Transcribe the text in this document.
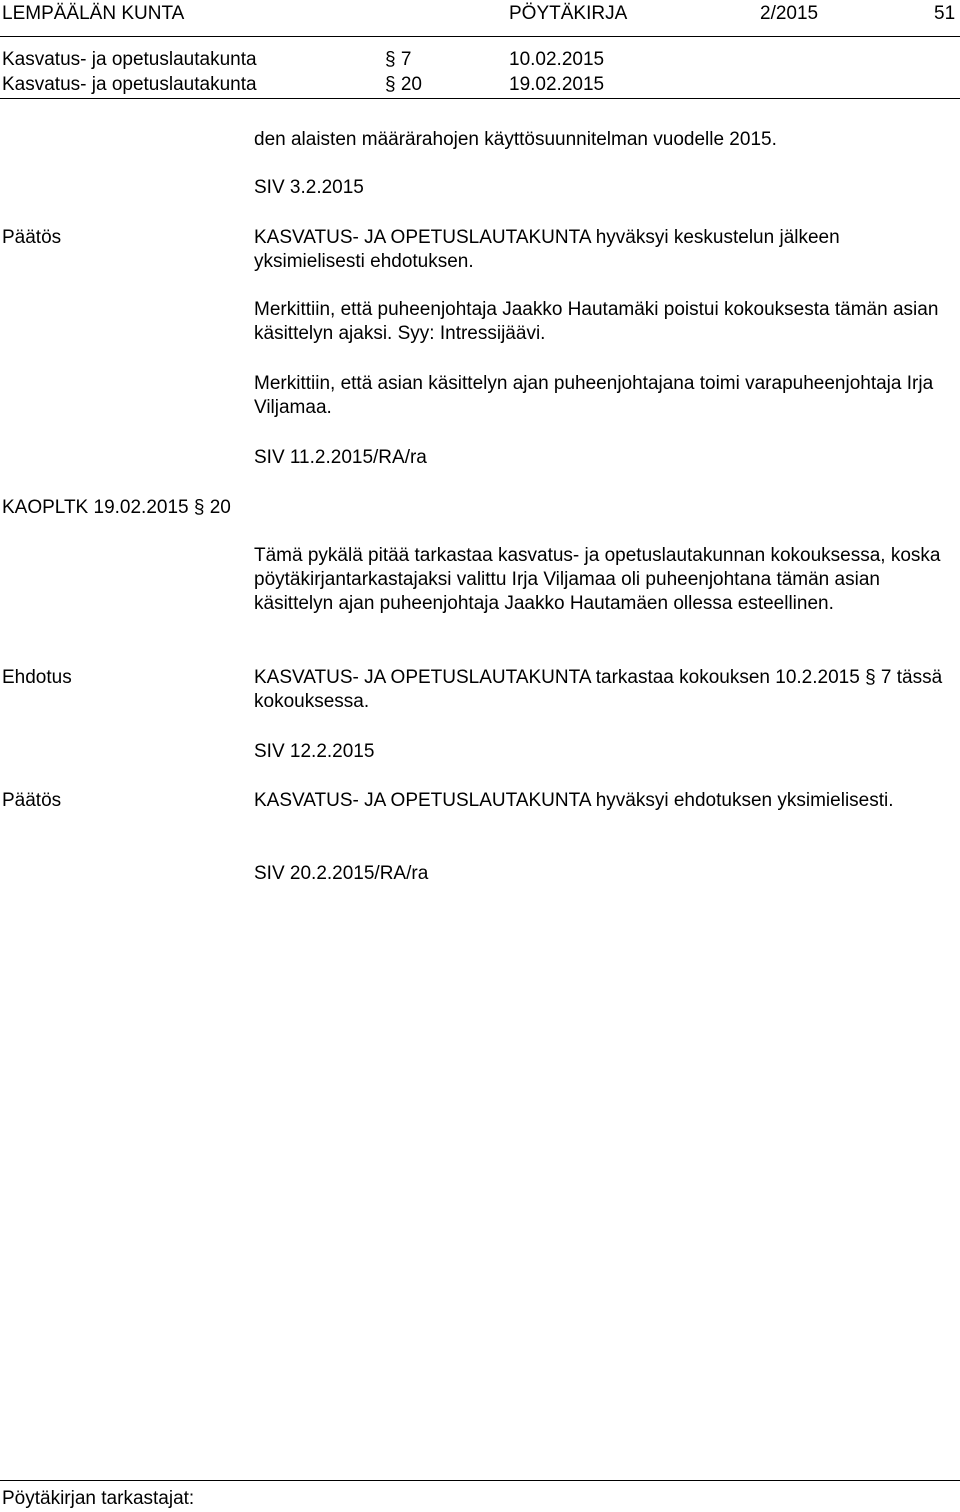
LEMPÄÄLÄN KUNTA	PÖYTÄKIRJA	2/2015	51
Kasvatus- ja opetuslautakunta	§ 7	10.02.2015
Kasvatus- ja opetuslautakunta	§ 20	19.02.2015
den alaisten määrärahojen käyttösuunnitelman vuodelle 2015.
SIV 3.2.2015
Päätös	KASVATUS- JA OPETUSLAUTAKUNTA hyväksyi keskustelun jälkeen yksimielisesti ehdotuksen.
Merkittiin, että puheenjohtaja Jaakko Hautamäki poistui kokouksesta tämän asian käsittelyn ajaksi. Syy: Intressijäävi.
Merkittiin, että asian käsittelyn ajan puheenjohtajana toimi varapuheenjohtaja Irja Viljamaa.
SIV 11.2.2015/RA/ra
KAOPLTK 19.02.2015 § 20
Tämä pykälä pitää tarkastaa kasvatus- ja opetuslautakunnan kokouksessa, koska pöytäkirjantarkastajaksi valittu Irja Viljamaa oli puheenjohtana tämän asian käsittelyn ajan puheenjohtaja Jaakko Hautamäen ollessa esteellinen.
Ehdotus	KASVATUS- JA OPETUSLAUTAKUNTA tarkastaa kokouksen 10.2.2015 § 7 tässä kokouksessa.
SIV 12.2.2015
Päätös	KASVATUS- JA OPETUSLAUTAKUNTA hyväksyi ehdotuksen yksimielisesti.
SIV 20.2.2015/RA/ra
Pöytäkirjan tarkastajat:
